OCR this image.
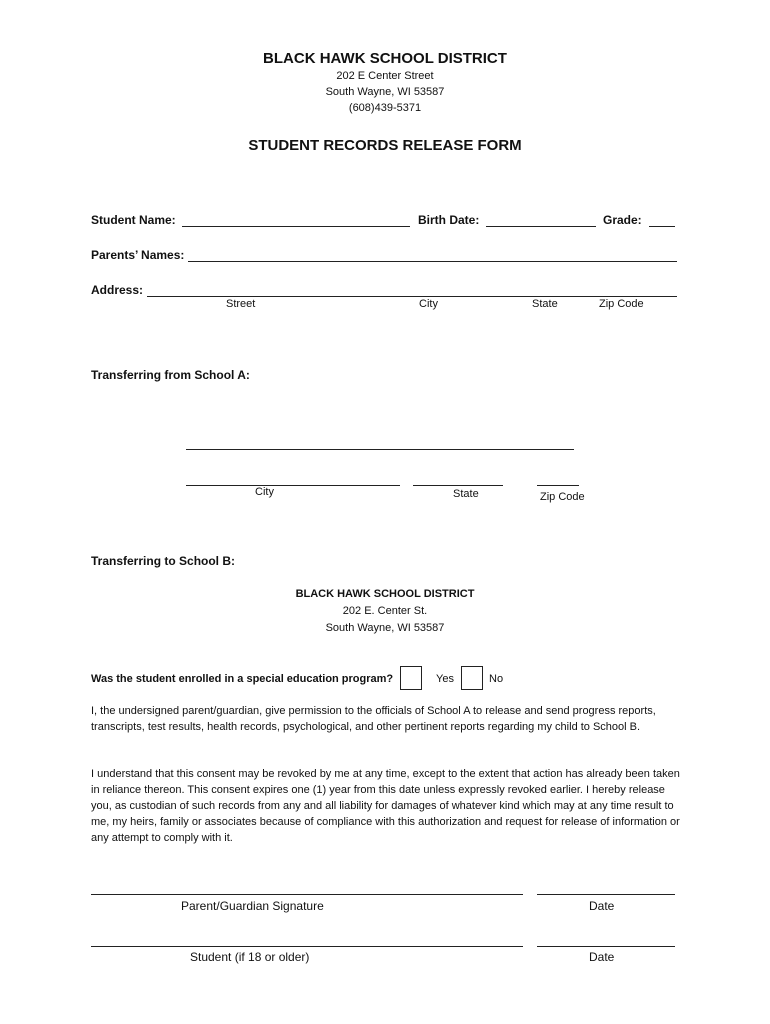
BLACK HAWK SCHOOL DISTRICT
202 E Center Street
South Wayne, WI 53587
(608)439-5371
STUDENT RECORDS RELEASE FORM
Student Name:	Birth Date:	Grade:
Parents’ Names:
Address:
Street	City	State	Zip Code
Transferring from School A:
City	State	Zip Code
Transferring to School B:
BLACK HAWK SCHOOL DISTRICT
202 E. Center St.
South Wayne, WI 53587
Was the student enrolled in a special education program?	Yes	No
I, the undersigned parent/guardian, give permission to the officials of School A to release and send progress reports, transcripts, test results, health records, psychological, and other pertinent reports regarding my child to School B.
I understand that this consent may be revoked by me at any time, except to the extent that action has already been taken in reliance thereon. This consent expires one (1) year from this date unless expressly revoked earlier. I hereby release you, as custodian of such records from any and all liability for damages of whatever kind which may at any time result to me, my heirs, family or associates because of compliance with this authorization and request for release of information or any attempt to comply with it.
Parent/Guardian Signature	Date
Student (if 18 or older)	Date
